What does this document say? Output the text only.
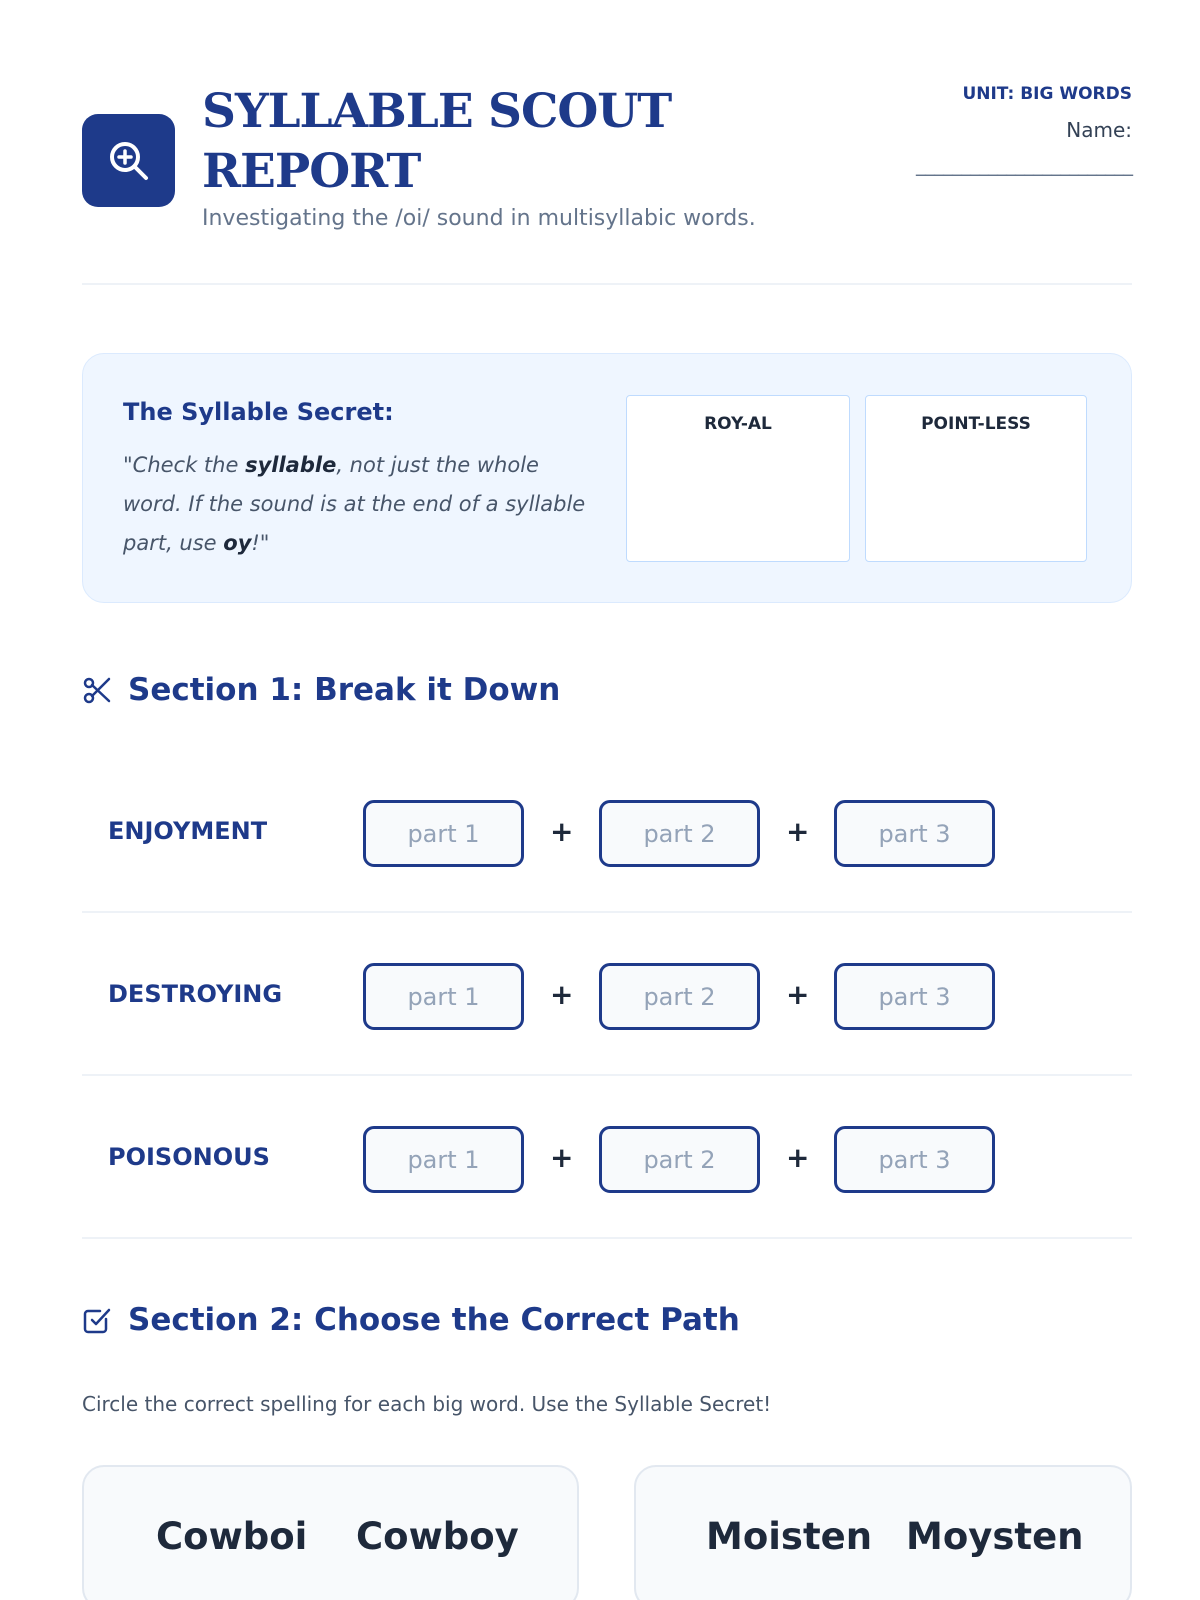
SYLLABLE SCOUT REPORT
Investigating the /oi/ sound in multisyllabic words.
UNIT: BIG WORDS
Name:
________________________
The Syllable Secret:
"Check the syllable, not just the whole word. If the sound is at the end of a syllable part, use oy!"
ROY-AL	POINT-LESS
Section 1: Break it Down
ENJOYMENT	part 1	+	part 2	+	part 3
DESTROYING	part 1	+	part 2	+	part 3
POISONOUS	part 1	+	part 2	+	part 3
Section 2: Choose the Correct Path
Circle the correct spelling for each big word. Use the Syllable Secret!
Cowboi Cowboy	Moisten Moysten
